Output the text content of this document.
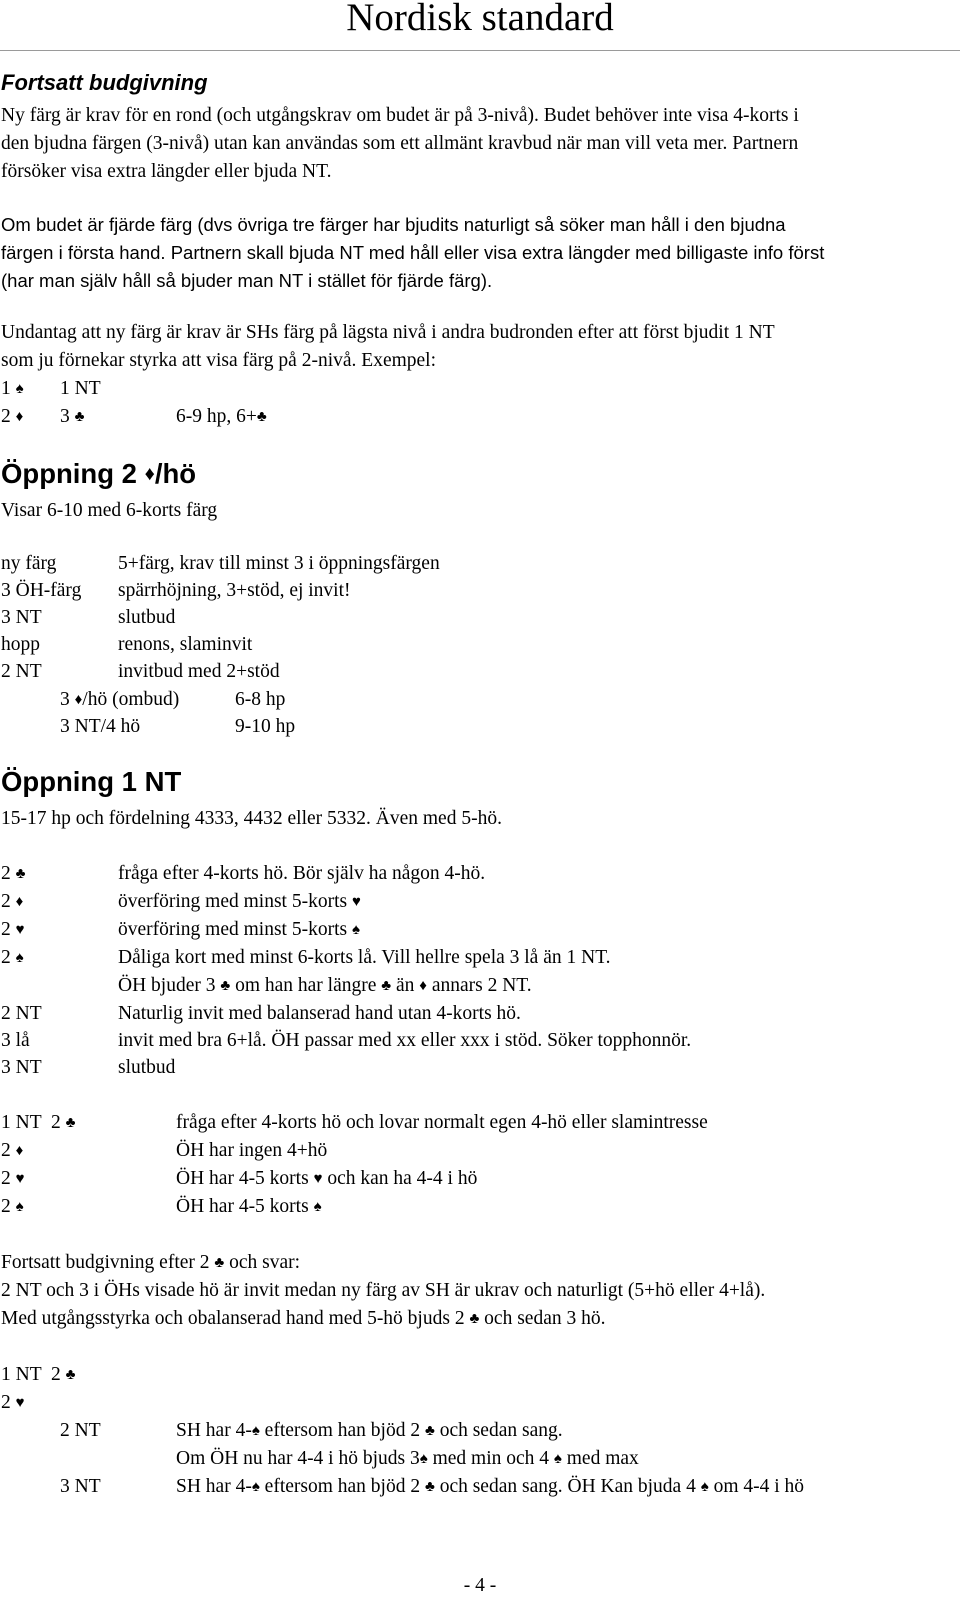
Nordisk standard
Fortsatt budgivning

Ny färg är krav för en rond (och utgångskrav om budet är på 3-nivå). Budet behöver inte visa 4-korts i

den bjudna färgen (3-nivå) utan kan användas som ett allmänt kravbud när man vill veta mer. Partnern

försöker visa extra längder eller bjuda NT.

Om budet är fjärde färg (dvs övriga tre färger har bjudits naturligt så söker man håll i den bjudna

färgen i första hand. Partnern skall bjuda NT med håll eller visa extra längder med billigaste info först

(har man själv håll så bjuder man NT i stället för fjärde färg).

Undantag att ny färg är krav är SHs färg på lägsta nivå i andra budronden efter att först bjudit 1 NT

som ju förnekar styrka att visa färg på 2-nivå. Exempel:

1 ♠ 1 NT
2 ♦ 3 ♣	6-9 hp, 6+♣
Öppning 2 ♦/hö
Visar 6-10 med 6-korts färg
ny färg	5+färg, krav till minst 3 i öppningsfärgen
3 ÖH-färg spärrhöjning, 3+stöd, ej invit!
3 NT	slutbud
hopp	renons, slaminvit
2 NT	invitbud med 2+stöd
3 ♦/hö (ombud)	6-8 hp
3 NT/4 hö	9-10 hp
Öppning 1 NT
15-17 hp och fördelning 4333, 4432 eller 5332. Även med 5-hö.
2 ♣	fråga efter 4-korts hö. Bör själv ha någon 4-hö.
2 ♦	överföring med minst 5-korts ♥
2 ♥	överföring med minst 5-korts ♠
2 ♠	Dåliga kort med minst 6-korts lå. Vill hellre spela 3 lå än 1 NT.
ÖH bjuder 3 ♣ om han har längre ♣ än ♦ annars 2 NT.
2 NT	Naturlig invit med balanserad hand utan 4-korts hö.
3 lå	invit med bra 6+lå. ÖH passar med xx eller xxx i stöd. Söker topphonnör.
3 NT	slutbud
1 NT 2 ♣	fråga efter 4-korts hö och lovar normalt egen 4-hö eller slamintresse
2 ♦	ÖH har ingen 4+hö
2 ♥	ÖH har 4-5 korts ♥ och kan ha 4-4 i hö
2 ♠	ÖH har 4-5 korts ♠
Fortsatt budgivning efter 2 ♣ och svar:
2 NT och 3 i ÖHs visade hö är invit medan ny färg av SH är ukrav och naturligt (5+hö eller 4+lå).
Med utgångsstyrka och obalanserad hand med 5-hö bjuds 2 ♣ och sedan 3 hö.
1 NT 2 ♣
2 ♥
2 NT	SH har 4-♠ eftersom han bjöd 2 ♣ och sedan sang.
Om ÖH nu har 4-4 i hö bjuds 3♠ med min och 4 ♠ med max
3 NT	SH har 4-♠ eftersom han bjöd 2 ♣ och sedan sang. ÖH Kan bjuda 4 ♠ om 4-4 i hö
- 4 -
